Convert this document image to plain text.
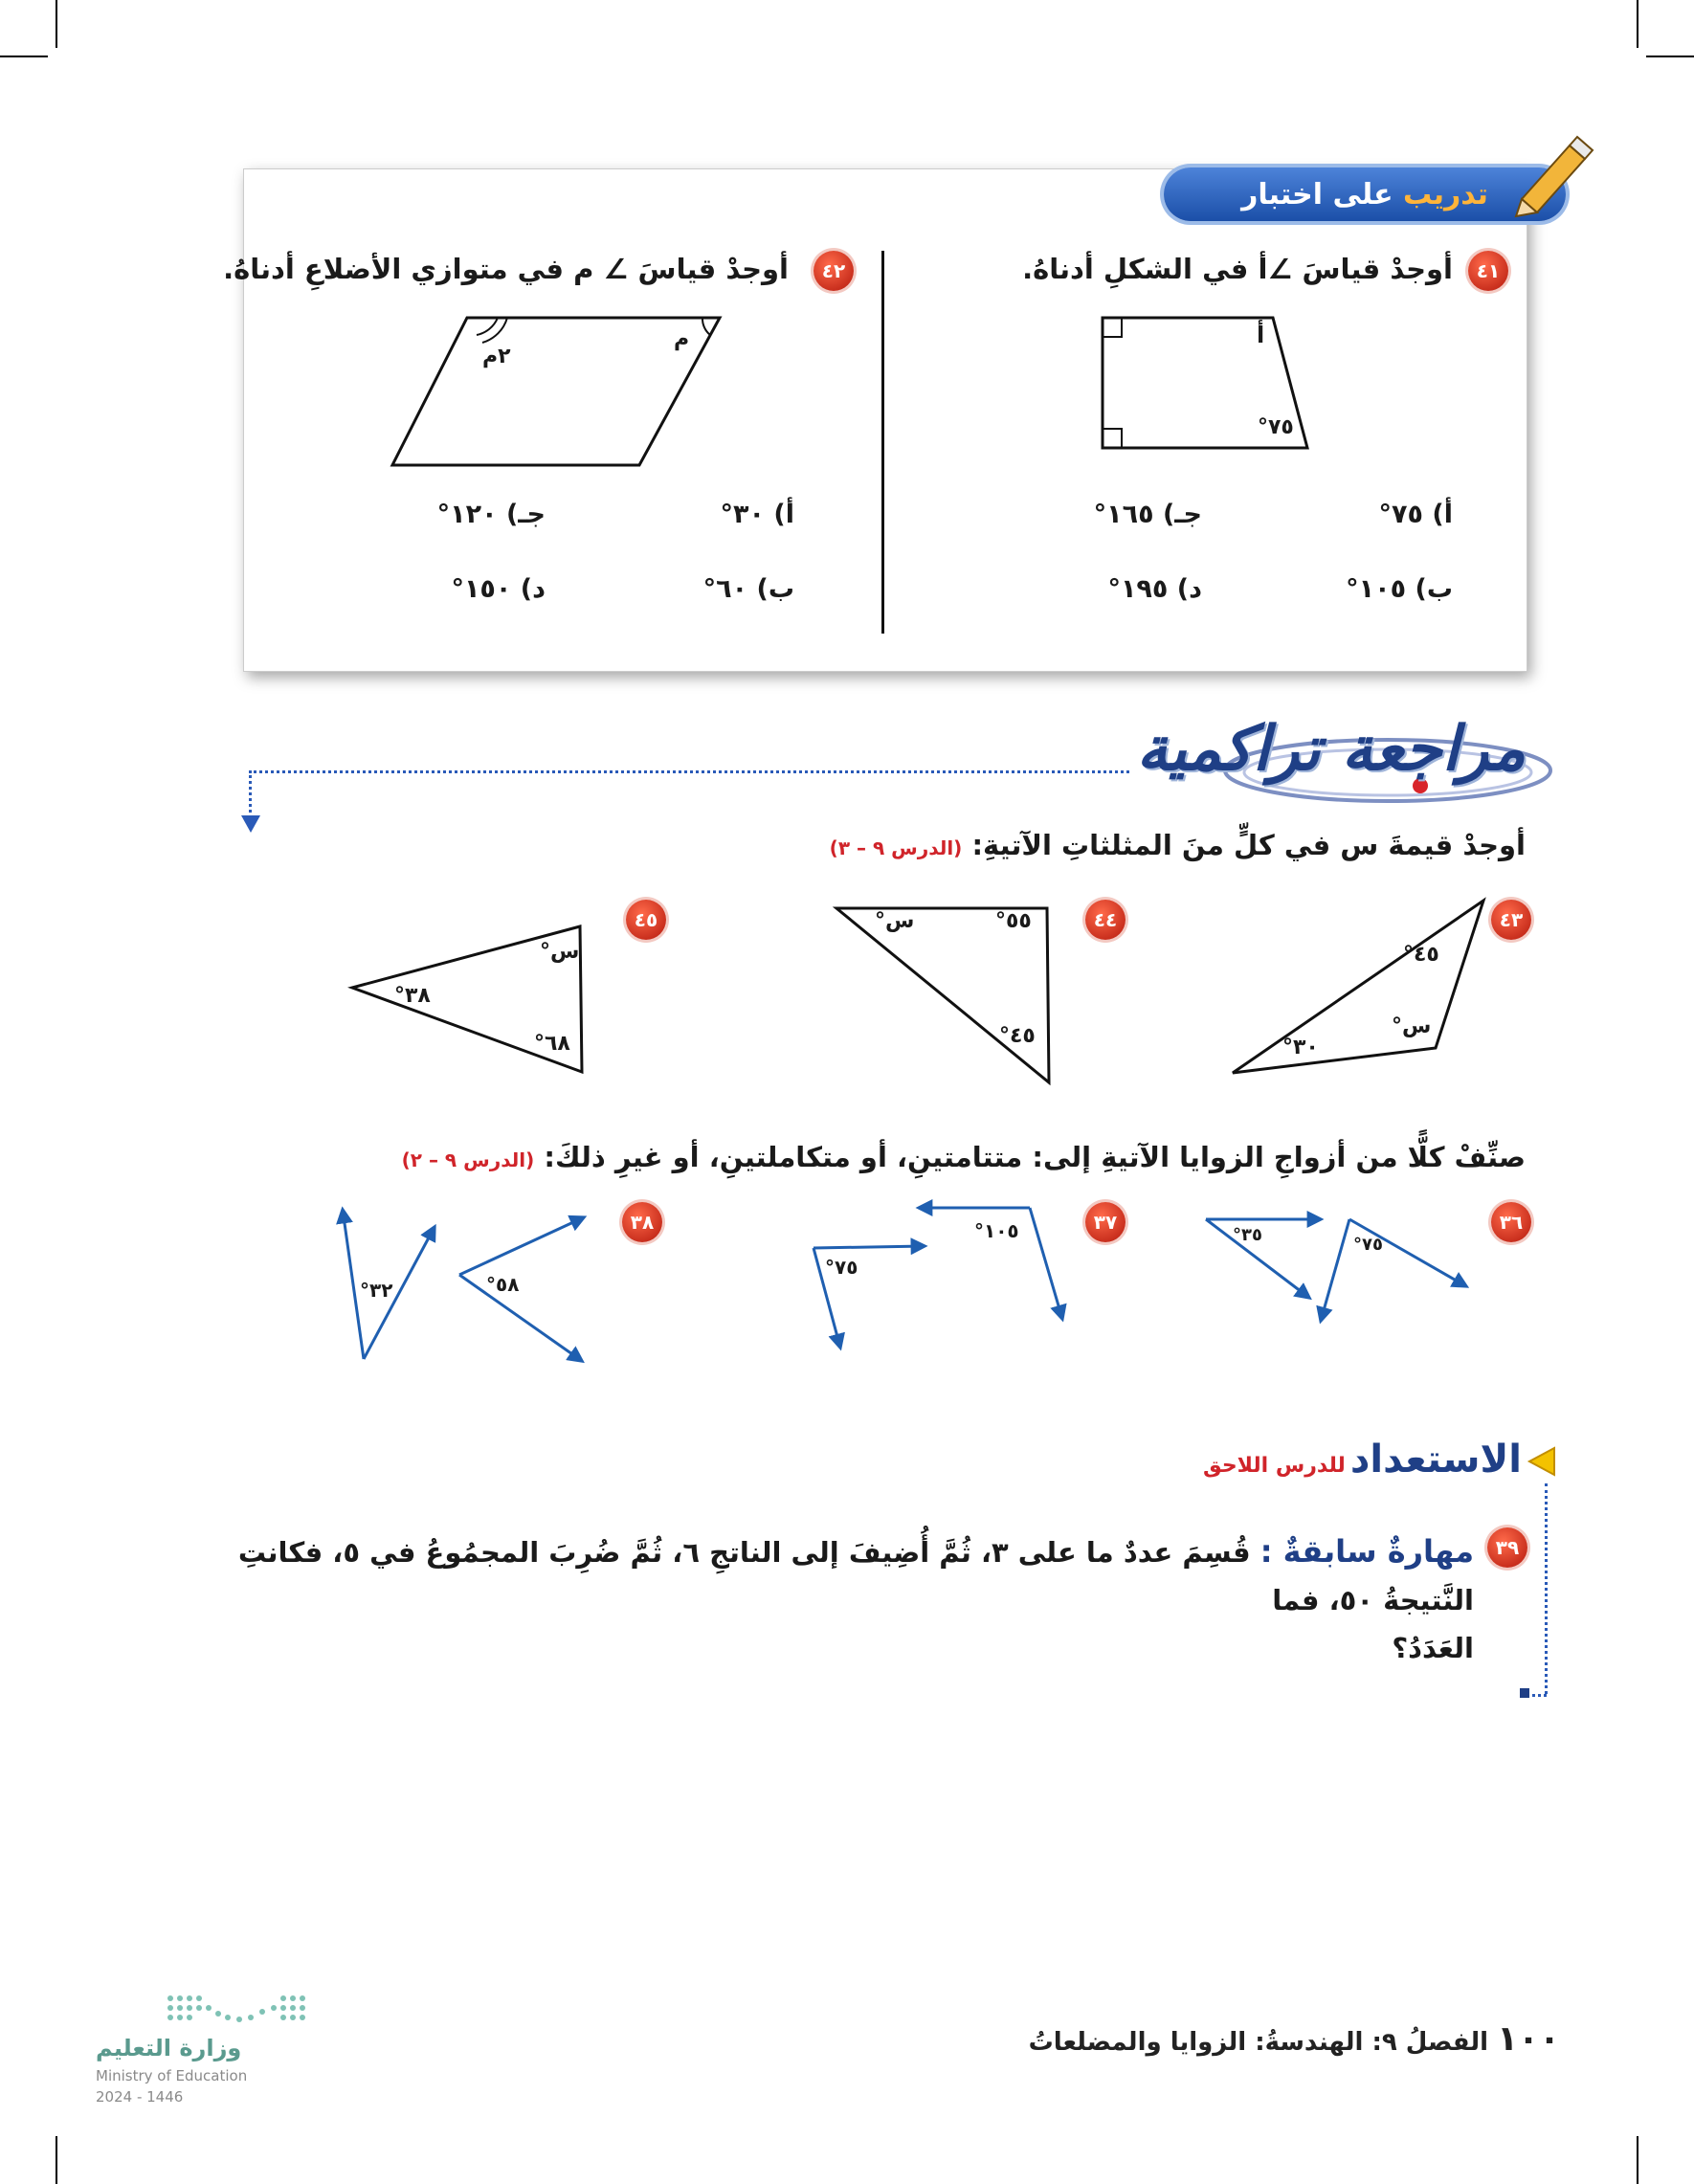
تدريب على اختبار
٤١
أوجدْ قياسَ ∠أ في الشكلِ أدناهُ.
أ
٧٥°
أ) ٧٥°
جـ) ١٦٥°
ب) ١٠٥°
د) ١٩٥°
٤٢
أوجدْ قياسَ ∠ م في متوازي الأضلاعِ أدناهُ.
٢م
م
أ) ٣٠°
جـ) ١٢٠°
ب) ٦٠°
د) ١٥٠°
مراجعة تراكمية
أوجدْ قيمةَ س في كلٍّ منَ المثلثاتِ الآتيةِ: (الدرس ٩ – ٣)
٤٣
٤٥°
س°
٣٠°
٤٤
س°	٥٥°
٤٥°
٤٥
س°
٣٨°
٦٨°
صنِّفْ كلًّا من أزواجِ الزوايا الآتيةِ إلى: متتامتينِ، أو متكاملتينِ، أو غيرِ ذلكَ: (الدرس ٩ – ٢)
٣٦
٣٥°	٧٥°
٣٧
١٠٥°
٧٥°
٣٨
٥٨°
٣٢°
الاستعداد للدرس اللاحق
٣٩
مهارةٌ سابقةٌ : قُسِمَ عددٌ ما على ٣، ثُمَّ أُضِيفَ إلى الناتجِ ٦، ثُمَّ ضُرِبَ المجمُوعُ في ٥، فكانتِ النَّتيجةُ ٥٠، فما
العَدَدُ؟
١٠٠ الفصلُ ٩: الهندسةُ: الزوايا والمضلعاتُ
وزارة التعليم
Ministry of Education
2024 - 1446
